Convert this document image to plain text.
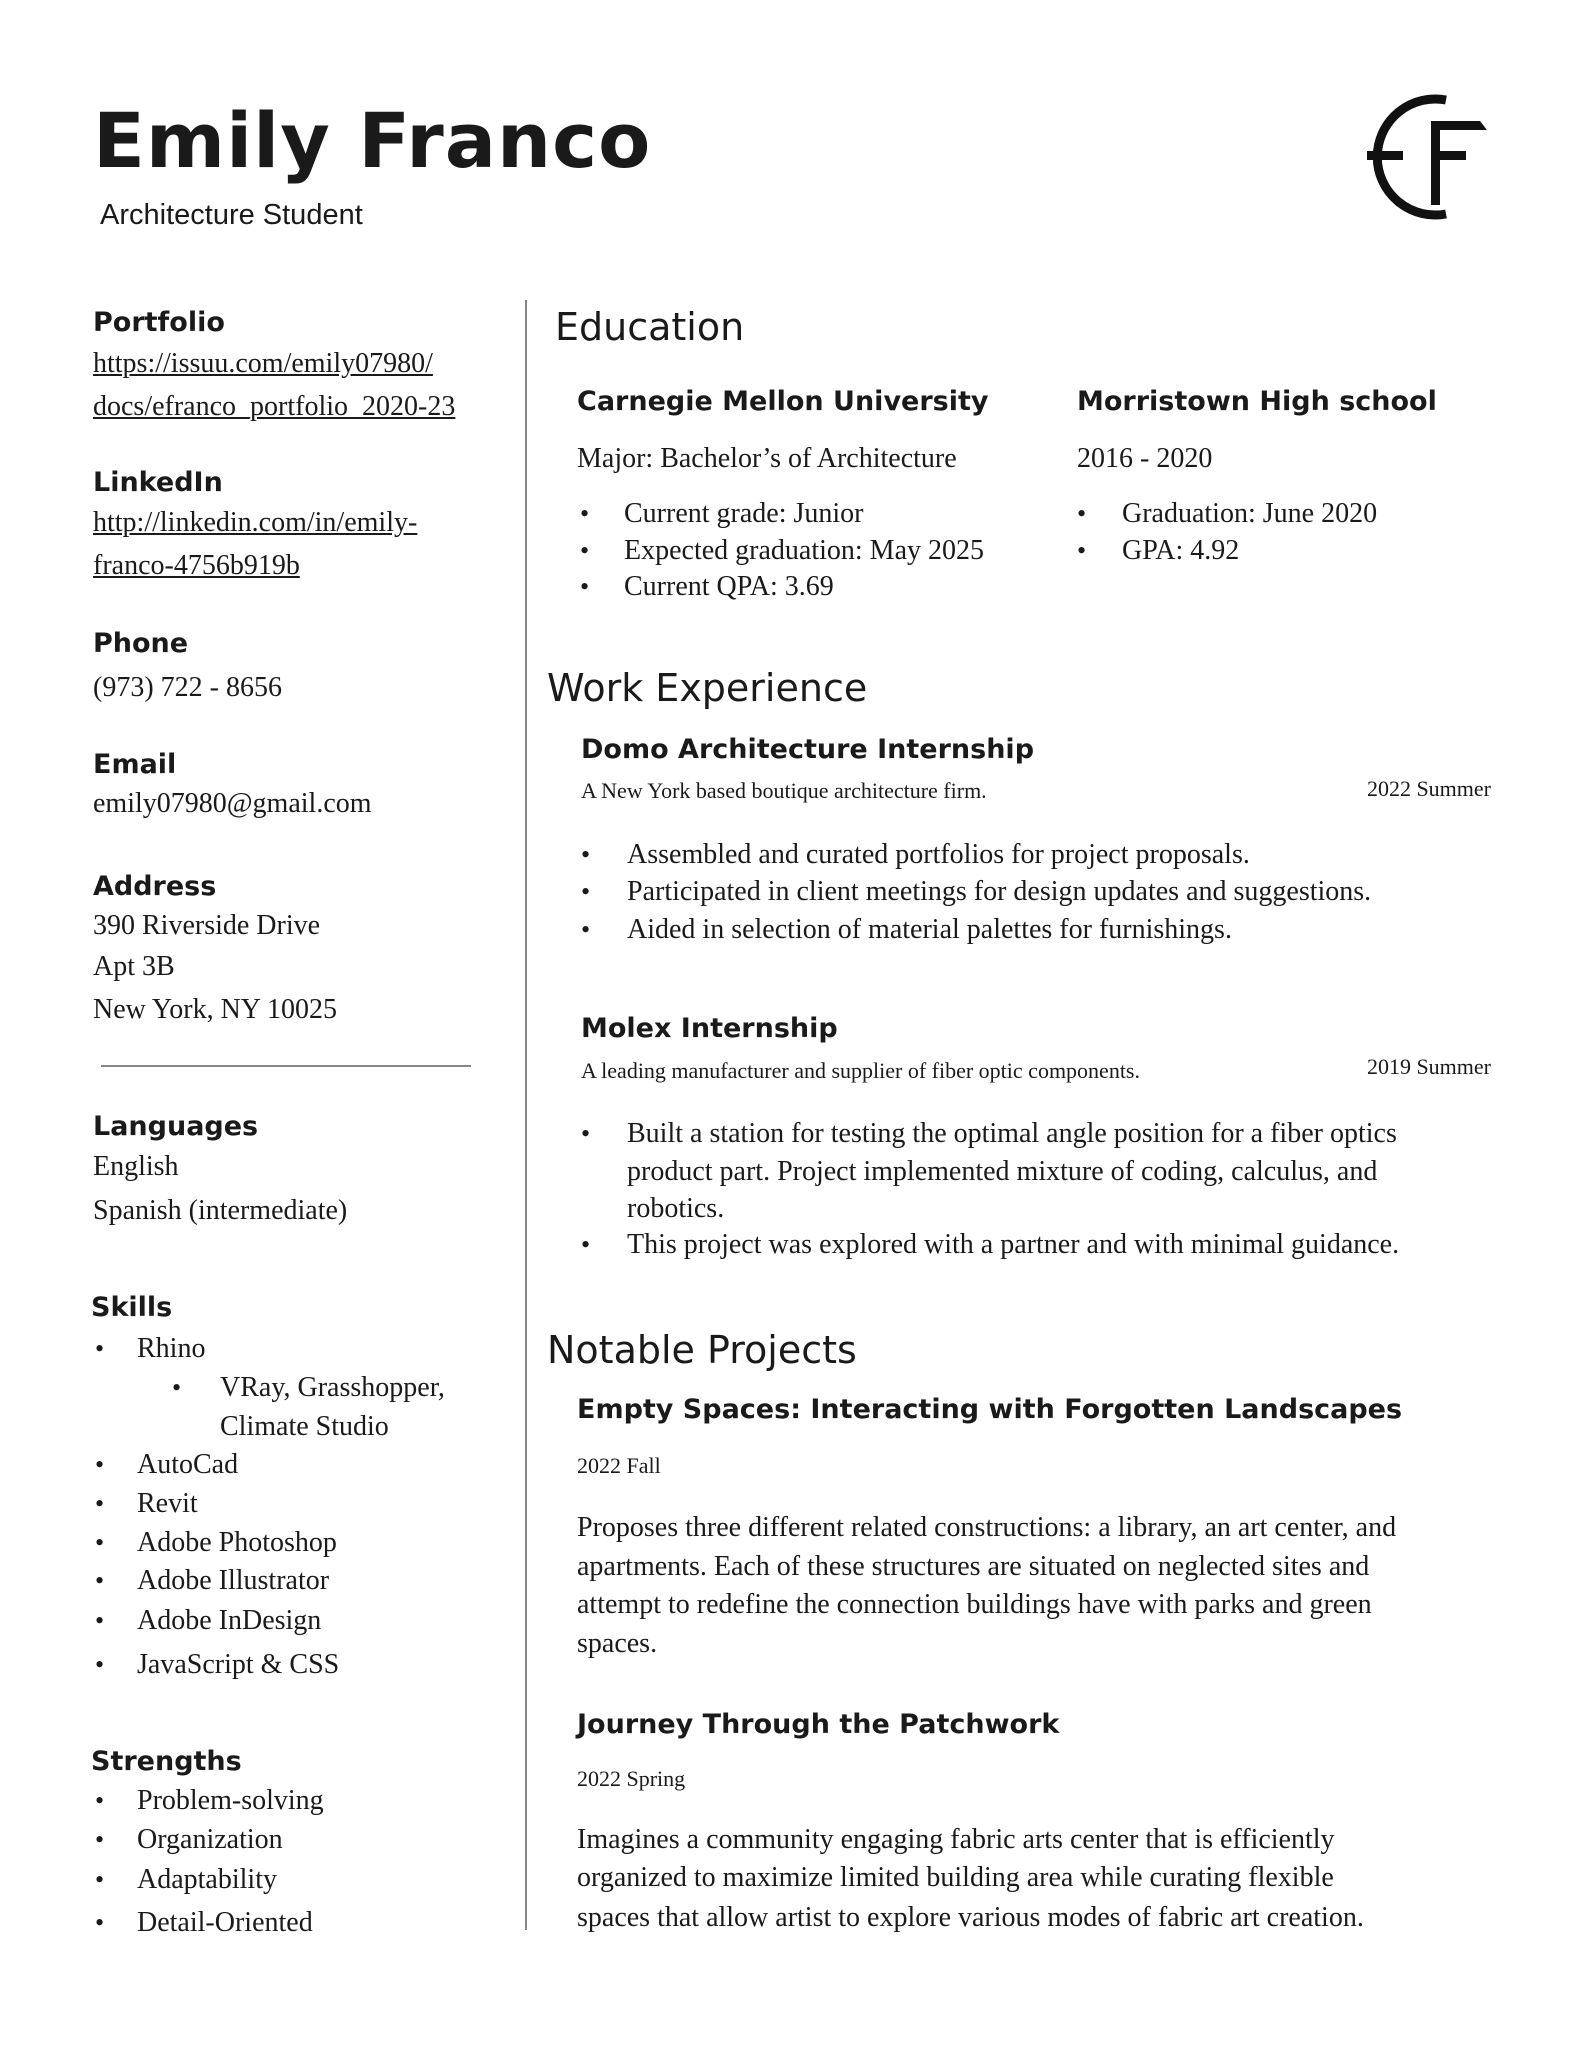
Emily Franco
Architecture Student
Portfolio
https://issuu.com/emily07980/
docs/efranco_portfolio_2020-23
LinkedIn
http://linkedin.com/in/emily-
franco-4756b919b
Phone
(973) 722 - 8656
Email
emily07980@gmail.com
Address
390 Riverside Drive
Apt 3B
New York, NY 10025
Languages
English
Spanish (intermediate)
Skills
• Rhino
• AutoCad
• Revit
• Adobe Photoshop
• Adobe Illustrator
• Adobe InDesign
• JavaScript & CSS
• VRay, Grasshopper,
Climate Studio
Strengths
• Problem-solving
• Organization
• Adaptability
• Detail-Oriented
Education
Carnegie Mellon University
Major: Bachelor’s of Architecture
Morristown High school
2016 - 2020
• Current grade: Junior
• Expected graduation: May 2025
• Current QPA: 3.69
• Graduation: June 2020
• GPA: 4.92
Work Experience
Domo Architecture Internship
A New York based boutique architecture firm.	2022 Summer
Molex Internship
A leading manufacturer and supplier of fiber optic components.	2019 Summer
• Assembled and curated portfolios for project proposals.
• Participated in client meetings for design updates and suggestions.
• Aided in selection of material palettes for furnishings.
• Built a station for testing the optimal angle position for a fiber optics
product part. Project implemented mixture of coding, calculus, and
robotics.
• This project was explored with a partner and with minimal guidance.
Notable Projects
Empty Spaces: Interacting with Forgotten Landscapes
2022 Fall
Journey Through the Patchwork
2022 Spring
Proposes three different related constructions: a library, an art center, and
apartments. Each of these structures are situated on neglected sites and
attempt to redefine the connection buildings have with parks and green
spaces.
Imagines a community engaging fabric arts center that is efficiently
organized to maximize limited building area while curating flexible
spaces that allow artist to explore various modes of fabric art creation.
